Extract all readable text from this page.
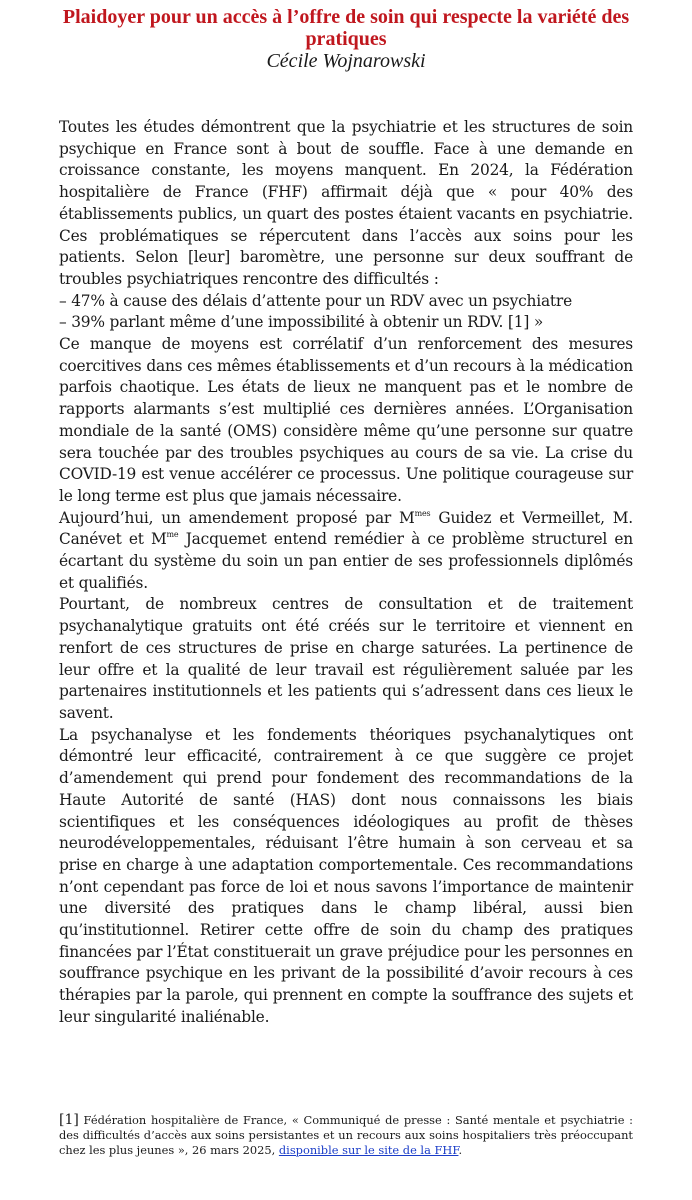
Plaidoyer pour un accès à l’offre de soin qui respecte la variété des pratiques
Cécile Wojnarowski

Toutes les études démontrent que la psychiatrie et les structures de soin psychique en France sont à bout de souffle. Face à une demande en croissance constante, les moyens manquent. En 2024, la Fédération hospitalière de France (FHF) affirmait déjà que « pour 40% des établissements publics, un quart des postes étaient vacants en psychiatrie. Ces problématiques se répercutent dans l’accès aux soins pour les patients. Selon [leur] baromètre, une personne sur deux souffrant de troubles psychiatriques rencontre des difficultés :

– 47% à cause des délais d’attente pour un RDV avec un psychiatre

– 39% parlant même d’une impossibilité à obtenir un RDV. [1] »

Ce manque de moyens est corrélatif d’un renforcement des mesures coercitives dans ces mêmes établissements et d’un recours à la médication parfois chaotique. Les états de lieux ne manquent pas et le nombre de rapports alarmants s’est multiplié ces dernières années. L’Organisation mondiale de la santé (OMS) considère même qu’une personne sur quatre sera touchée par des troubles psychiques au cours de sa vie. La crise du COVID-19 est venue accélérer ce processus. Une politique courageuse sur le long terme est plus que jamais nécessaire.

Aujourd’hui, un amendement proposé par $M^{mes}$ Guidez et Vermeillet, M. Canévet et $M^{me}$ Jacquemet entend remédier à ce problème structurel en écartant du système du soin un pan entier de ses professionnels diplômés et qualifiés.

Pourtant, de nombreux centres de consultation et de traitement psychanalytique gratuits ont été créés sur le territoire et viennent en renfort de ces structures de prise en charge saturées. La pertinence de leur offre et la qualité de leur travail est régulièrement saluée par les partenaires institutionnels et les patients qui s’adressent dans ces lieux le savent.

La psychanalyse et les fondements théoriques psychanalytiques ont démontré leur efficacité, contrairement à ce que suggère ce projet d’amendement qui prend pour fondement des recommandations de la Haute Autorité de santé (HAS) dont nous connaissons les biais scientifiques et les conséquences idéologiques au profit de thèses neurodéveloppementales, réduisant l’être humain à son cerveau et sa prise en charge à une adaptation comportementale. Ces recommandations n’ont cependant pas force de loi et nous savons l’importance de maintenir une diversité des pratiques dans le champ libéral, aussi bien qu’institutionnel. Retirer cette offre de soin du champ des pratiques financées par l’État constituerait un grave préjudice pour les personnes en souffrance psychique en les privant de la possibilité d’avoir recours à ces thérapies par la parole, qui prennent en compte la souffrance des sujets et leur singularité inaliénable.

[1] Fédération hospitalière de France, « Communiqué de presse : Santé mentale et psychiatrie : des difficultés d’accès aux soins persistantes et un recours aux soins hospitaliers très préoccupant chez les plus jeunes », 26 mars 2025, disponible sur le site de la FHF.
